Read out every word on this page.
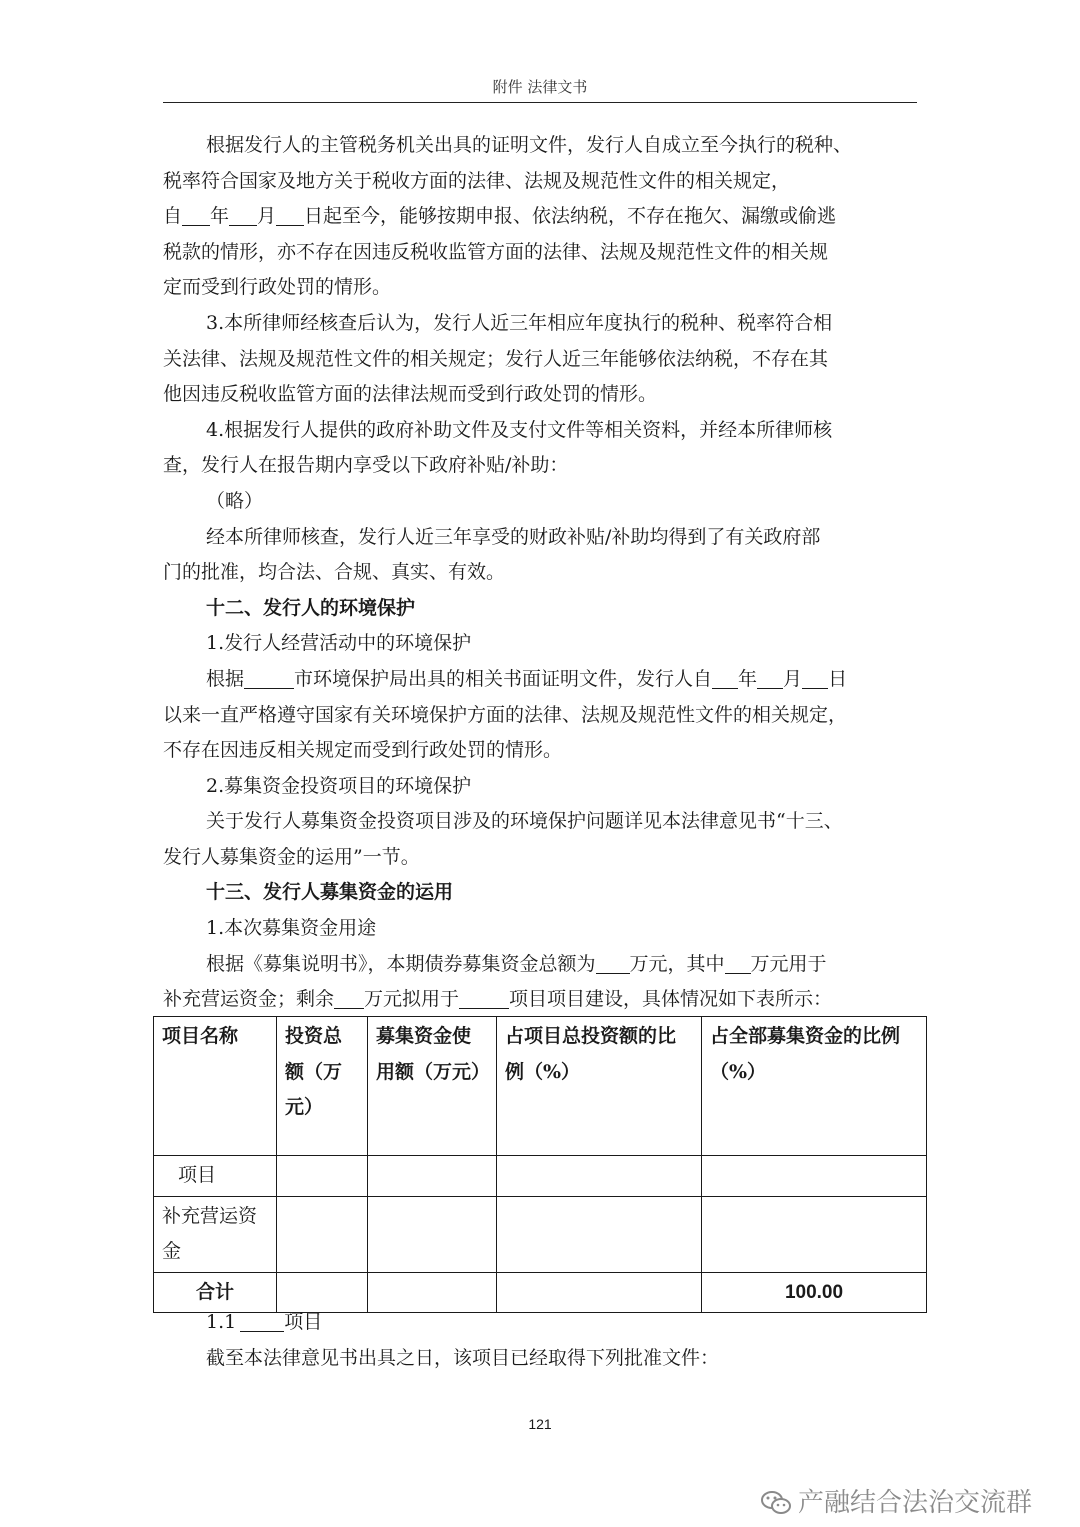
附件 法律文书
根据发行人的主管税务机关出具的证明文件，发行人自成立至今执行的税种、
税率符合国家及地方关于税收方面的法律、法规及规范性文件的相关规定，
自 年 月 日起至今，能够按期申报、依法纳税，不存在拖欠、漏缴或偷逃
税款的情形，亦不存在因违反税收监管方面的法律、法规及规范性文件的相关规
定而受到行政处罚的情形。
3.本所律师经核查后认为，发行人近三年相应年度执行的税种、税率符合相
关法律、法规及规范性文件的相关规定；发行人近三年能够依法纳税，不存在其
他因违反税收监管方面的法律法规而受到行政处罚的情形。
4.根据发行人提供的政府补助文件及支付文件等相关资料，并经本所律师核
查，发行人在报告期内享受以下政府补贴/补助：
（略）
经本所律师核查，发行人近三年享受的财政补贴/补助均得到了有关政府部
门的批准，均合法、合规、真实、有效。
十二、发行人的环境保护
1.发行人经营活动中的环境保护
根据	市环境保护局出具的相关书面证明文件，发行人自 年 月 日
以来一直严格遵守国家有关环境保护方面的法律、法规及规范性文件的相关规定，
不存在因违反相关规定而受到行政处罚的情形。
2.募集资金投资项目的环境保护
关于发行人募集资金投资项目涉及的环境保护问题详见本法律意见书“十三、
发行人募集资金的运用”一节。
十三、发行人募集资金的运用
1.本次募集资金用途
根据《募集说明书》，本期债券募集资金总额为 万元，其中 万元用于
补充营运资金；剩余 万元拟用于	项目项目建设，具体情况如下表所示：
项目名称	投资总额（万元）	募集资金使用额（万元）	占项目总投资额的比例（%）	占全部募集资金的比例（%）
项目				
补充营运资金				
合计				100.00
1.1	项目
截至本法律意见书出具之日，该项目已经取得下列批准文件：
121
产融结合法治交流群
